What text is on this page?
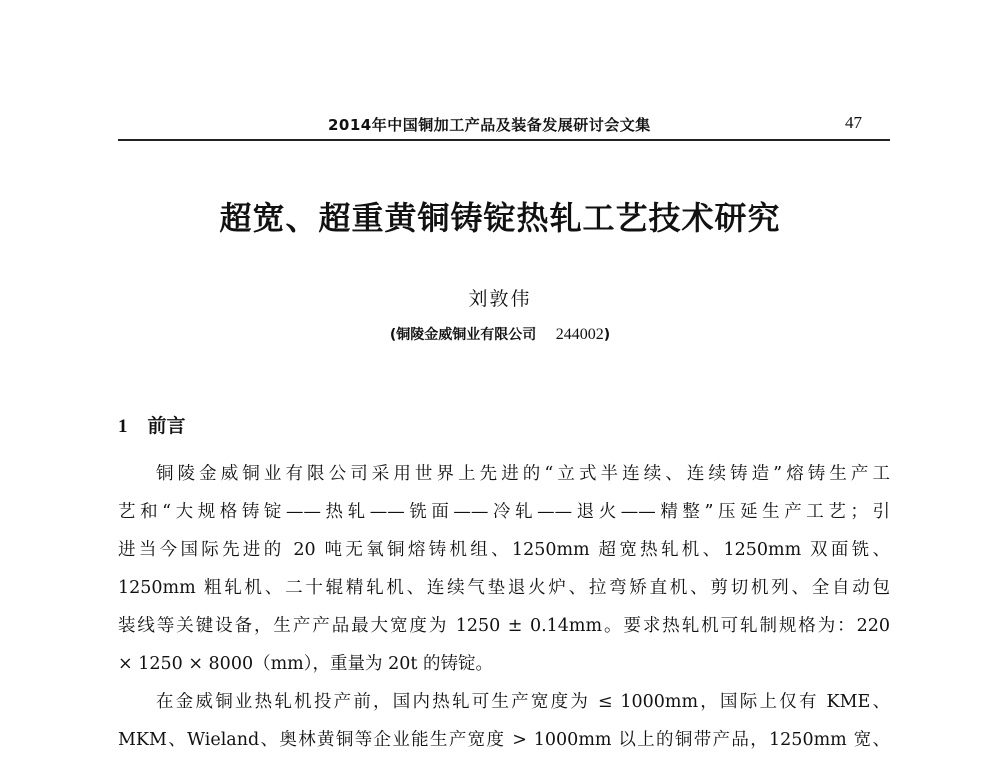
2014年中国铜加工产品及装备发展研讨会文集	47
超宽、超重黄铜铸锭热轧工艺技术研究
刘敦伟
(铜陵金威铜业有限公司 244002)
1 前言
铜陵金威铜业有限公司采用世界上先进的“立式半连续、连续铸造”熔铸生产工
艺和“大规格铸锭——热轧——铣面——冷轧——退火——精整”压延生产工艺；引
进当今国际先进的 20 吨无氧铜熔铸机组、1250mm 超宽热轧机、1250mm 双面铣、
1250mm 粗轧机、二十辊精轧机、连续气垫退火炉、拉弯矫直机、剪切机列、全自动包
装线等关键设备，生产产品最大宽度为 1250 ± 0.14mm。要求热轧机可轧制规格为：220
× 1250 × 8000（mm），重量为 20t 的铸锭。
在金威铜业热轧机投产前，国内热轧可生产宽度为 ≤ 1000mm，国际上仅有 KME、
MKM、Wieland、奥林黄铜等企业能生产宽度 > 1000mm 以上的铜带产品，1250mm 宽、
